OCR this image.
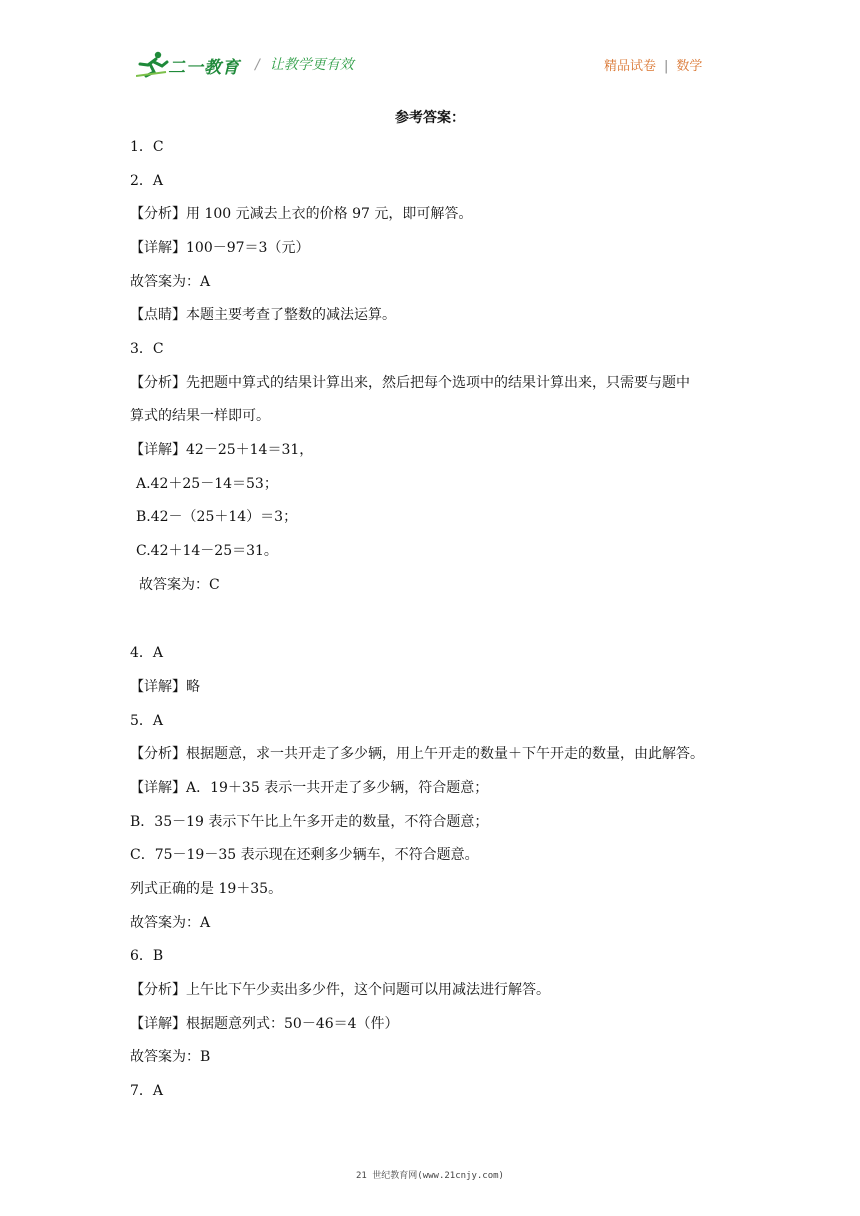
二一教育 / 让教学更有效	精品试卷 | 数学
参考答案：
1．C
2．A
【分析】用 100 元减去上衣的价格 97 元，即可解答。
【详解】100－97＝3（元）
故答案为：A
【点睛】本题主要考查了整数的减法运算。
3．C
【分析】先把题中算式的结果计算出来，然后把每个选项中的结果计算出来，只需要与题中
算式的结果一样即可。
【详解】42－25＋14＝31，
A.42＋25－14＝53；
B.42－（25＋14）＝3；
C.42＋14－25＝31。
故答案为：C
4．A
【详解】略
5．A
【分析】根据题意，求一共开走了多少辆，用上午开走的数量＋下午开走的数量，由此解答。
【详解】A．19＋35 表示一共开走了多少辆，符合题意；
B．35－19 表示下午比上午多开走的数量，不符合题意；
C．75－19－35 表示现在还剩多少辆车，不符合题意。
列式正确的是 19＋35。
故答案为：A
6．B
【分析】上午比下午少卖出多少件，这个问题可以用减法进行解答。
【详解】根据题意列式：50－46＝4（件）
故答案为：B
7．A
21 世纪教育网(www.21cnjy.com)
